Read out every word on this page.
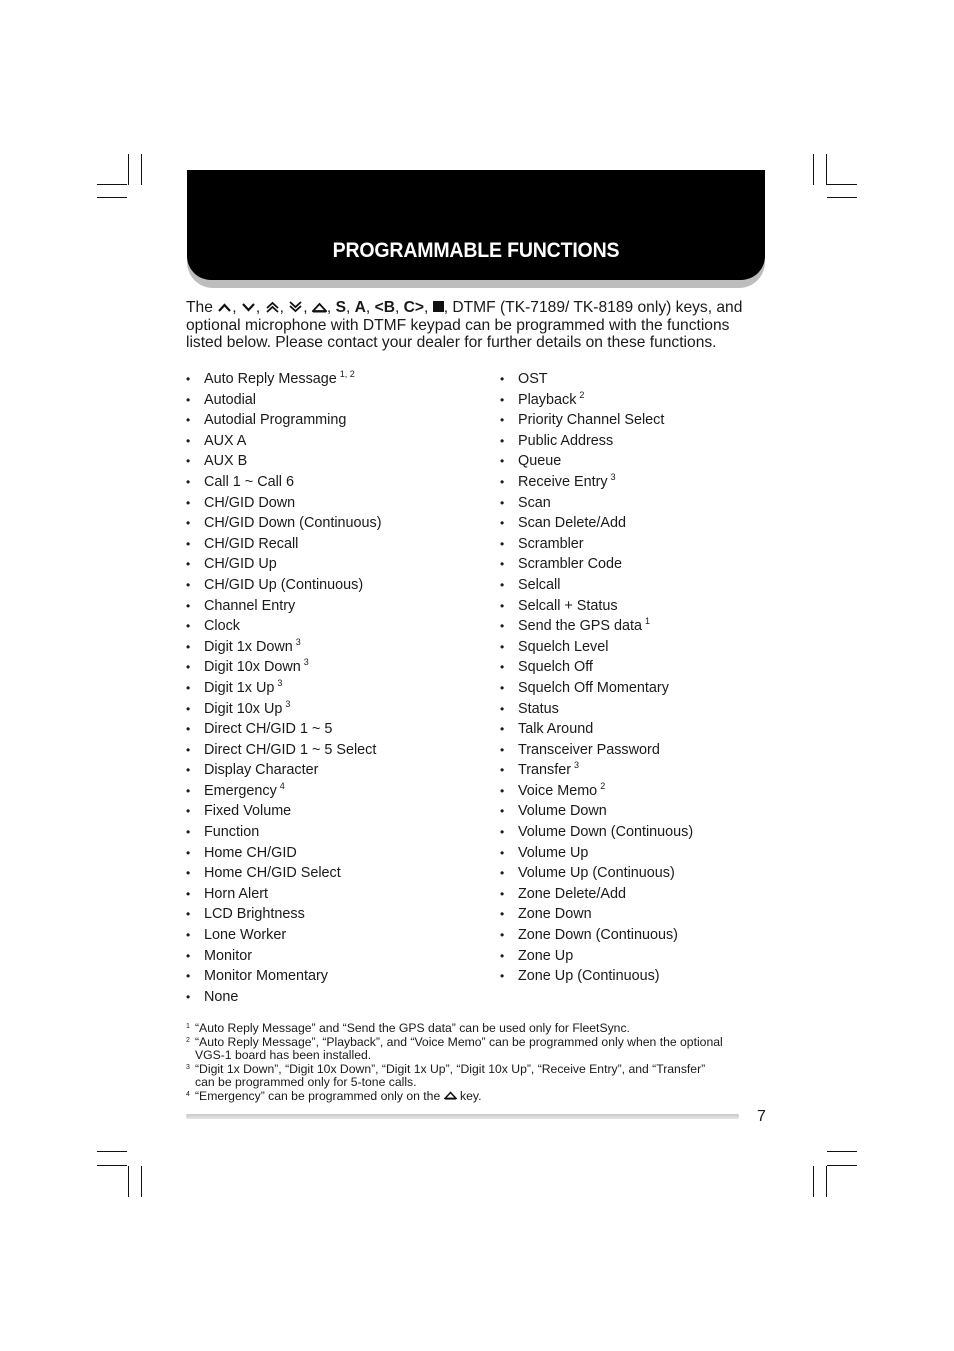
PROGRAMMABLE FUNCTIONS
The ,
,
,
,
, S, A, <B, C>, , DTMF (TK-7189/ TK-8189 only) keys, and
optional microphone with DTMF keypad can be programmed with the functions
listed below. Please contact your dealer for further details on these functions.
• Auto Reply Message $^{1, 2}$
• Autodial
• Autodial Programming
• AUX A
• AUX B
• Call 1 ~ Call 6
• CH/GID Down
• CH/GID Down (Continuous)
• CH/GID Recall
• CH/GID Up
• CH/GID Up (Continuous)
• Channel Entry
• Clock
• Digit 1x Down $^3$
• Digit 10x Down $^3$
• Digit 1x Up $^3$
• Digit 10x Up $^3$
• Direct CH/GID 1 ~ 5
• Direct CH/GID 1 ~ 5 Select
• Display Character
• Emergency $^4$
• Fixed Volume
• Function
• Home CH/GID
• Home CH/GID Select
• Horn Alert
• LCD Brightness
• Lone Worker
• Monitor
• Monitor Momentary
• None
• OST
• Playback $^2$
• Priority Channel Select
• Public Address
• Queue
• Receive Entry $^3$
• Scan
• Scan Delete/Add
• Scrambler
• Scrambler Code
• Selcall
• Selcall + Status
• Send the GPS data $^1$
• Squelch Level
• Squelch Off
• Squelch Off Momentary
• Status
• Talk Around
• Transceiver Password
• Transfer $^3$
• Voice Memo $^2$
• Volume Down
• Volume Down (Continuous)
• Volume Up
• Volume Up (Continuous)
• Zone Delete/Add
• Zone Down
• Zone Down (Continuous)
• Zone Up
• Zone Up (Continuous)
1 “Auto Reply Message” and “Send the GPS data” can be used only for FleetSync.
2 “Auto Reply Message”, “Playback”, and “Voice Memo” can be programmed only when the optional
VGS-1 board has been installed.
3 “Digit 1x Down”, “Digit 10x Down”, “Digit 1x Up”, “Digit 10x Up”, “Receive Entry”, and “Transfer”
can be programmed only for 5-tone calls.
4 “Emergency” can be programmed only on the key.
7
